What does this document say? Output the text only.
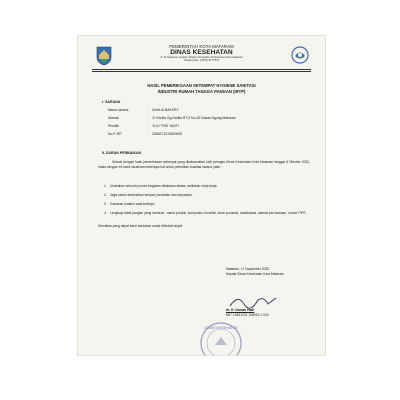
PEMERINTAH KOTA MATARAM
DINAS KESEHATAN
Jl. Dr.Soetomo Lingkar Selatan Kompleks Perkantoran Kota Mataram
Telepon/Fax. (0370) 6177547
HASIL PEMERIKSAAN SETEMPAT HYGIENE SANITASI
INDUSTRI RUMAH TANGGA PANGAN (IRTP)
I. SARANA
Nama sarana	: DAHLIA BAKERY
Alamat	: Jl. Kenita Gg.Dahlia RT.X No.25 Dasan Agung Mataram
Pemilik	: YULI TRIS YANTI
No.P-IRT	: 2065271010619925
II. SARAN PERBAIKAN
Sesuai dengan hasil pemeriksaan setempat yang dilaksanakan oleh petugas Dinas Kesehatan Kota Mataram tanggal 6 Oktober 2020, maka dengan ini kami sarankan beberapa hal untuk perbaikan kualitas sarana yaitu :
1. Usahakan seluruh proses kegiatan dilakukan diatas, sediakan meja kerja.
2. Jaga selalu kebersihan tempat, peralatan dan karyawan.
3. Gunakan masker saat bekerja.
4. Lengkapi label pangan yang memuat : nama produk, komposisi, berat/isi, kode produksi, kadaluarsa, alamat perusahaan, nomor PIRT.
Demikian yang dapat kami sarankan untuk ditindak lanjuti.
Mataram, 17 Nopember 2020
Kepala Dinas Kesehatan Kota Mataram
DINAS KESEHATAN
dr. H. Usman Hadi
NIP. 19631231 198903 1 002
